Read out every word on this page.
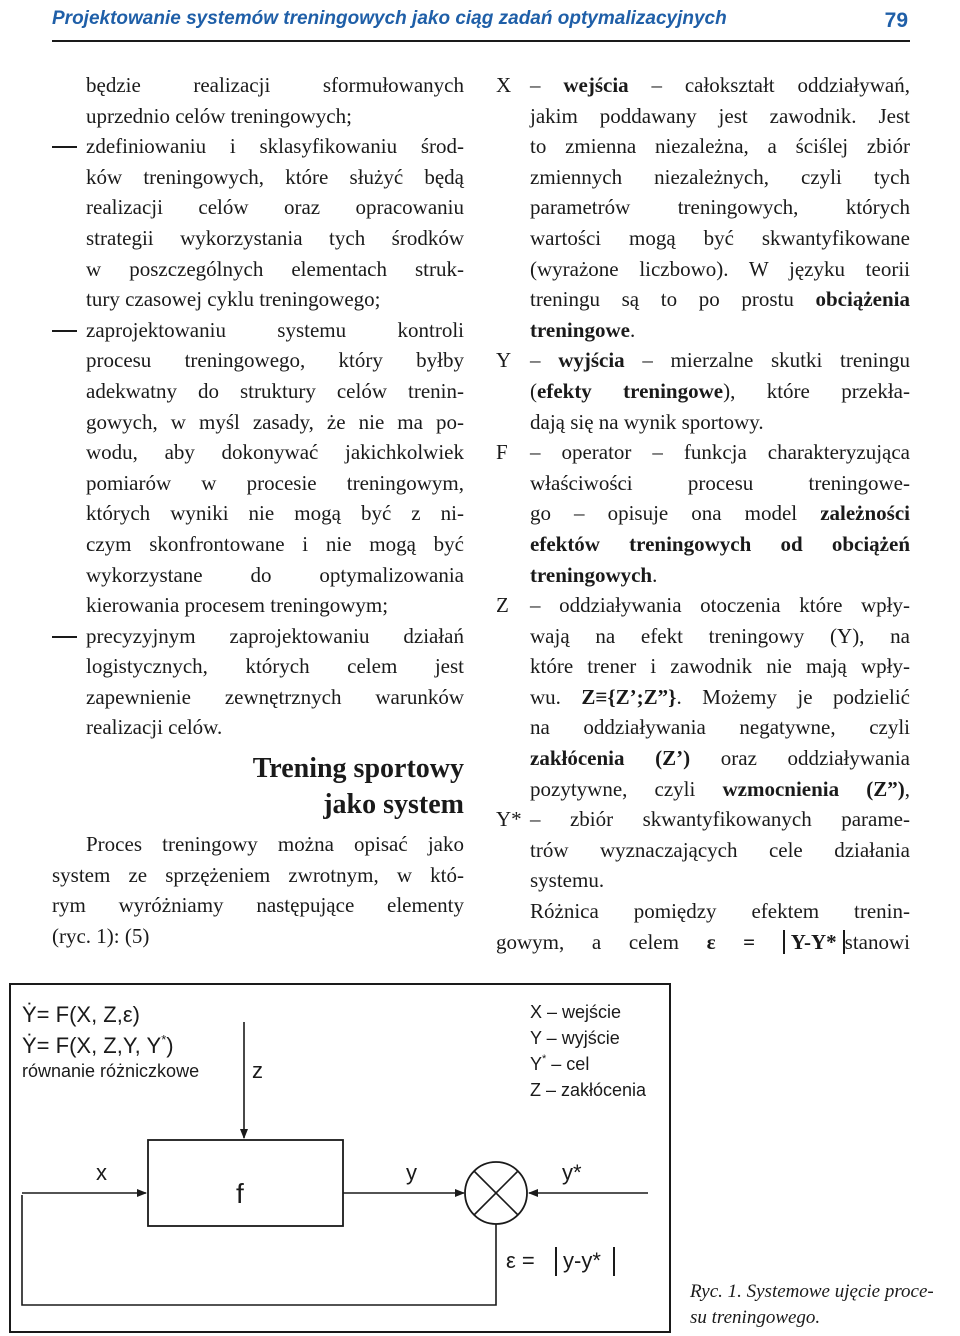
Projektowanie systemów treningowych jako ciąg zadań optymalizacyjnych	79
będzie realizacji sformułowanych
uprzednio celów treningowych;
zdefiniowaniu i sklasyfikowaniu środ-
ków treningowych, które służyć będą
realizacji celów oraz opracowaniu
strategii wykorzystania tych środków
w poszczególnych elementach struk-
tury czasowej cyklu treningowego;
zaprojektowaniu systemu kontroli
procesu treningowego, który byłby
adekwatny do struktury celów trenin-
gowych, w myśl zasady, że nie ma po-
wodu, aby dokonywać jakichkolwiek
pomiarów w procesie treningowym,
których wyniki nie mogą być z ni-
czym skonfrontowane i nie mogą być
wykorzystane do optymalizowania
kierowania procesem treningowym;
precyzyjnym zaprojektowaniu działań
logistycznych, których celem jest
zapewnienie zewnętrznych warunków
realizacji celów.
Trening sportowy
jako system
Proces treningowy można opisać jako
system ze sprzężeniem zwrotnym, w któ-
rym wyróżniamy następujące elementy
(ryc. 1): (5)
X – wejścia – całokształt oddziaływań,
jakim poddawany jest zawodnik. Jest
to zmienna niezależna, a ściślej zbiór
zmiennych niezależnych, czyli tych
parametrów treningowych, których
wartości mogą być skwantyfikowane
(wyrażone liczbowo). W języku teorii
treningu są to po prostu obciążenia
treningowe.
Y – wyjścia – mierzalne skutki treningu
(efekty treningowe), które przekła-
dają się na wynik sportowy.
F – operator – funkcja charakteryzująca
właściwości procesu treningowe-
go – opisuje ona model zależności
efektów treningowych od obciążeń
treningowych.
Z – oddziaływania otoczenia które wpły-
wają na efekt treningowy (Y), na
które trener i zawodnik nie mają wpły-
wu. Z≡{Z’;Z”}. Możemy je podzielić
na oddziaływania negatywne, czyli
zakłócenia (Z’) oraz oddziaływania
pozytywne, czyli wzmocnienia (Z”),
Y* – zbiór skwantyfikowanych parame-
trów wyznaczających cele działania
systemu.
Różnica pomiędzy efektem trenin-
gowym, a celem ε = Y-Y* stanowi
Ẏ= F(X, Z,ε)
Ẏ= F(X, Z,Y, Y*)
równanie różniczkowe
X – wejście
Y – wyjście
Y* – cel
Z – zakłócenia
z
f
x	y	y*
ε = y-y*
Ryc. 1. Systemowe ujęcie proce-
su treningowego.
